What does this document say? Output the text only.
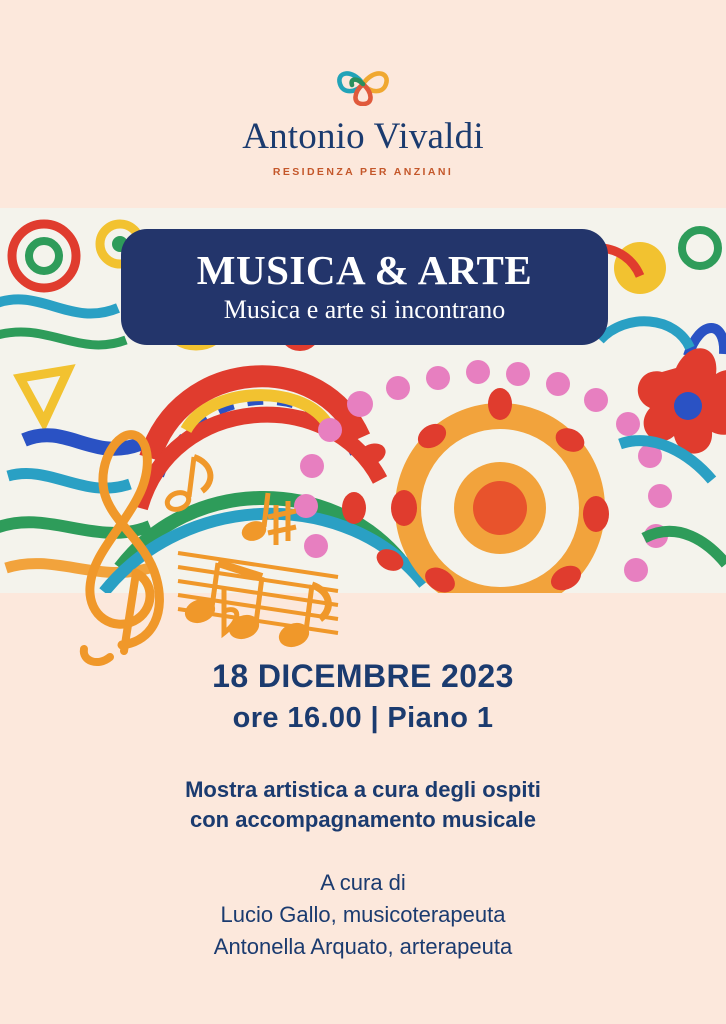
Antonio Vivaldi
RESIDENZA PER ANZIANI
MUSICA & ARTE
Musica e arte si incontrano
18 DICEMBRE 2023
ore 16.00 | Piano 1
Mostra artistica a cura degli ospiti
con accompagnamento musicale
A cura di
Lucio Gallo, musicoterapeuta
Antonella Arquato, arterapeuta
